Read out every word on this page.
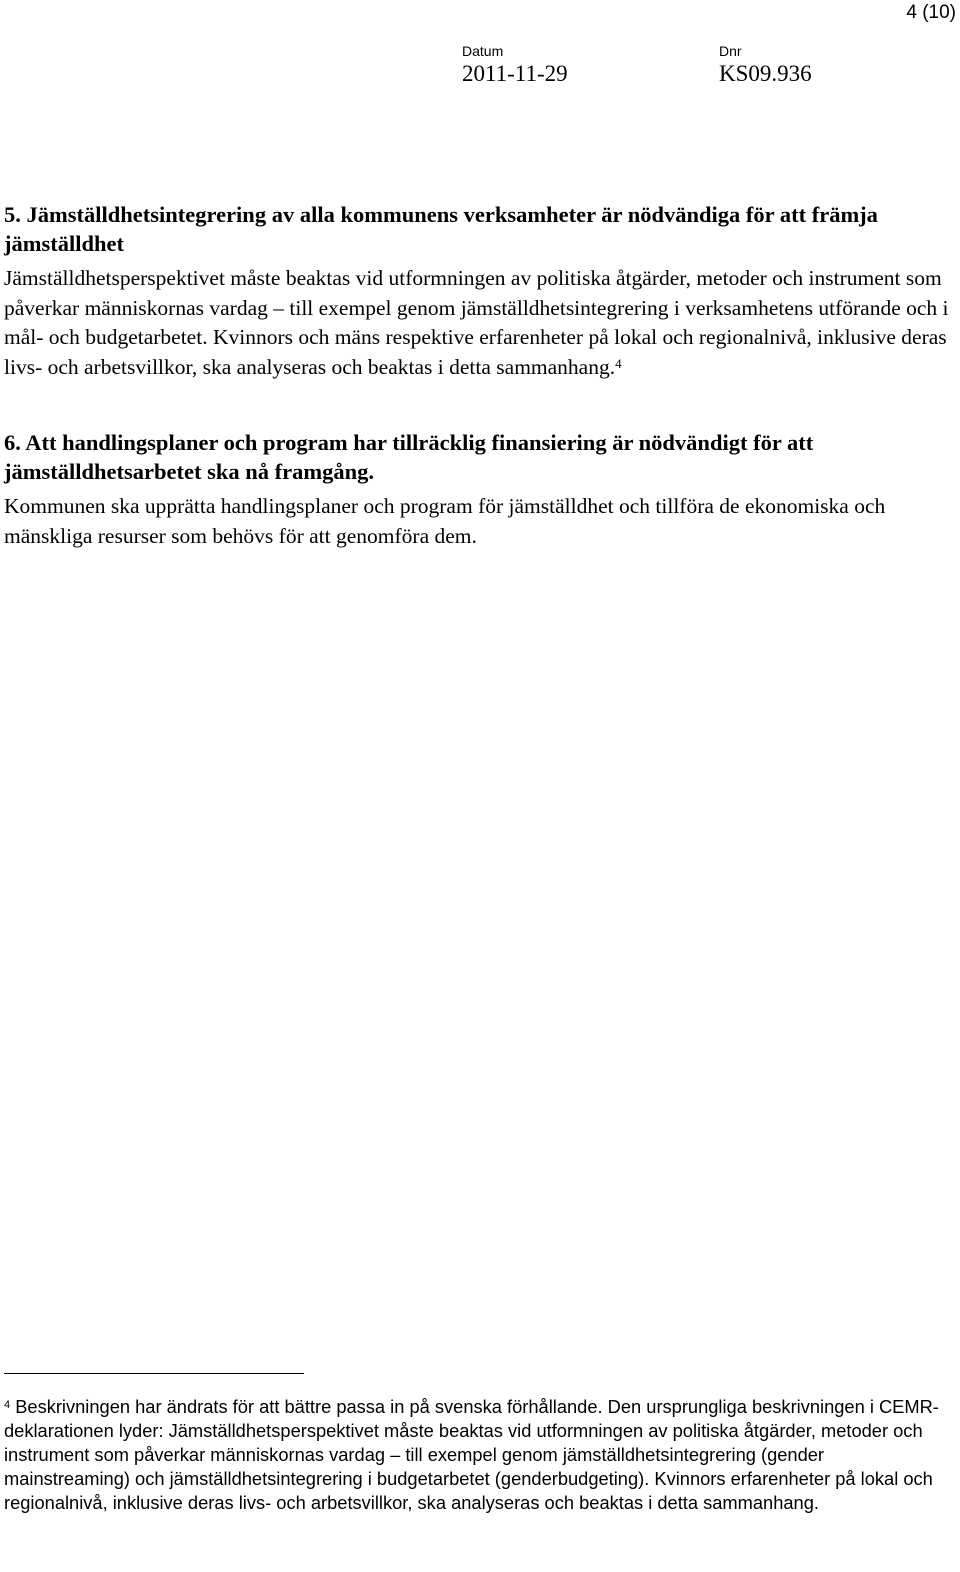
4 (10)
Datum
2011-11-29
Dnr
KS09.936
5. Jämställdhetsintegrering av alla kommunens verksamheter är nödvändiga för att främja jämställdhet

Jämställdhetsperspektivet måste beaktas vid utformningen av politiska åtgärder, metoder och instrument som påverkar människornas vardag – till exempel genom jämställdhetsintegrering i verksamhetens utförande och i mål- och budgetarbetet. Kvinnors och mäns respektive erfarenheter på lokal och regionalnivå, inklusive deras livs- och arbetsvillkor, ska analyseras och beaktas i detta sammanhang.$^4$

6. Att handlingsplaner och program har tillräcklig finansiering är nödvändigt för att jämställdhetsarbetet ska nå framgång.

Kommunen ska upprätta handlingsplaner och program för jämställdhet och tillföra de ekonomiska och mänskliga resurser som behövs för att genomföra dem.

$^4$ Beskrivningen har ändrats för att bättre passa in på svenska förhållande. Den ursprungliga beskrivningen i CEMR-deklarationen lyder: Jämställdhetsperspektivet måste beaktas vid utformningen av politiska åtgärder, metoder och instrument som påverkar människornas vardag – till exempel genom jämställdhetsintegrering (gender mainstreaming) och jämställdhetsintegrering i budgetarbetet (genderbudgeting). Kvinnors erfarenheter på lokal och regionalnivå, inklusive deras livs- och arbetsvillkor, ska analyseras och beaktas i detta sammanhang.
